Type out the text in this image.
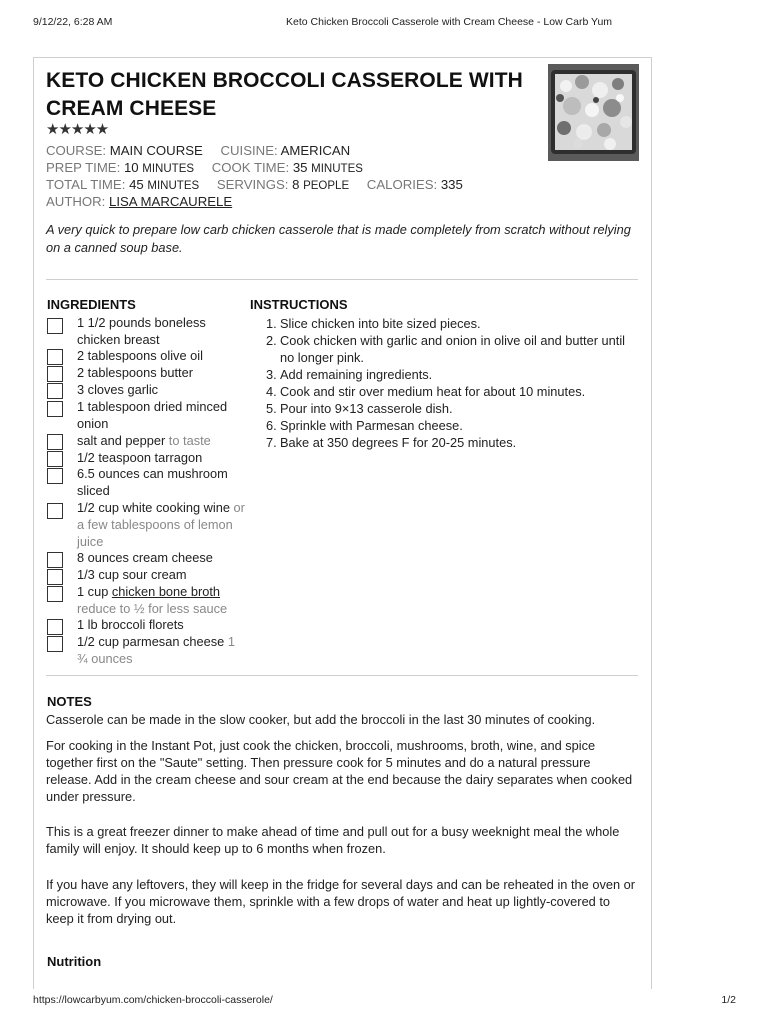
9/12/22, 6:28 AM	Keto Chicken Broccoli Casserole with Cream Cheese - Low Carb Yum
https://lowcarbyum.com/chicken-broccoli-casserole/	1/2
KETO CHICKEN BROCCOLI CASSEROLE WITH CREAM CHEESE
★★★★★
COURSE: MAIN COURSE CUISINE: AMERICAN
PREP TIME: 10 MINUTES COOK TIME: 35 MINUTES
TOTAL TIME: 45 MINUTES SERVINGS: 8 PEOPLE CALORIES: 335
AUTHOR: LISA MARCAURELE
A very quick to prepare low carb chicken casserole that is made completely from scratch without relying on a canned soup base.
INGREDIENTS
1 1/2 pounds boneless chicken breast
2 tablespoons olive oil
2 tablespoons butter
3 cloves garlic
1 tablespoon dried minced onion
salt and pepper to taste
1/2 teaspoon tarragon
6.5 ounces can mushroom sliced
1/2 cup white cooking wine or a few tablespoons of lemon juice
8 ounces cream cheese
1/3 cup sour cream
1 cup chicken bone broth reduce to ½ for less sauce
1 lb broccoli florets
1/2 cup parmesan cheese 1 ¾ ounces
INSTRUCTIONS
1. Slice chicken into bite sized pieces.
2. Cook chicken with garlic and onion in olive oil and butter until no longer pink.
3. Add remaining ingredients.
4. Cook and stir over medium heat for about 10 minutes.
5. Pour into 9×13 casserole dish.
6. Sprinkle with Parmesan cheese.
7. Bake at 350 degrees F for 20-25 minutes.
NOTES

Casserole can be made in the slow cooker, but add the broccoli in the last 30 minutes of cooking.

For cooking in the Instant Pot, just cook the chicken, broccoli, mushrooms, broth, wine, and spice together first on the "Saute" setting. Then pressure cook for 5 minutes and do a natural pressure release. Add in the cream cheese and sour cream at the end because the dairy separates when cooked under pressure.

This is a great freezer dinner to make ahead of time and pull out for a busy weeknight meal the whole family will enjoy. It should keep up to 6 months when frozen.

If you have any leftovers, they will keep in the fridge for several days and can be reheated in the oven or microwave. If you microwave them, sprinkle with a few drops of water and heat up lightly-covered to keep it from drying out.

Nutrition
